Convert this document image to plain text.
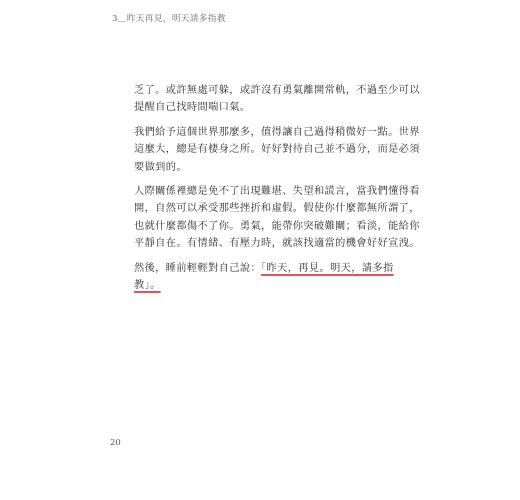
3＿昨天再見，明天請多指教

乏了。或許無處可躲，或許沒有勇氣離開常軌，不過至少可以
提醒自己找時間喘口氣。

我們給予這個世界那麼多，值得讓自己過得稍微好一點。世界
這麼大，總是有棲身之所。好好對待自己並不過分，而是必須
要做到的。

人際關係裡總是免不了出現難堪、失望和謊言，當我們懂得看
開，自然可以承受那些挫折和虛假。假使你什麼都無所謂了，
也就什麼都傷不了你。勇氣，能帶你突破難關；看淡，能給你
平靜自在。有情緒、有壓力時，就該找適當的機會好好宣洩。

然後，睡前輕輕對自己說：「昨天，再見。明天，請多指
教」。

20
